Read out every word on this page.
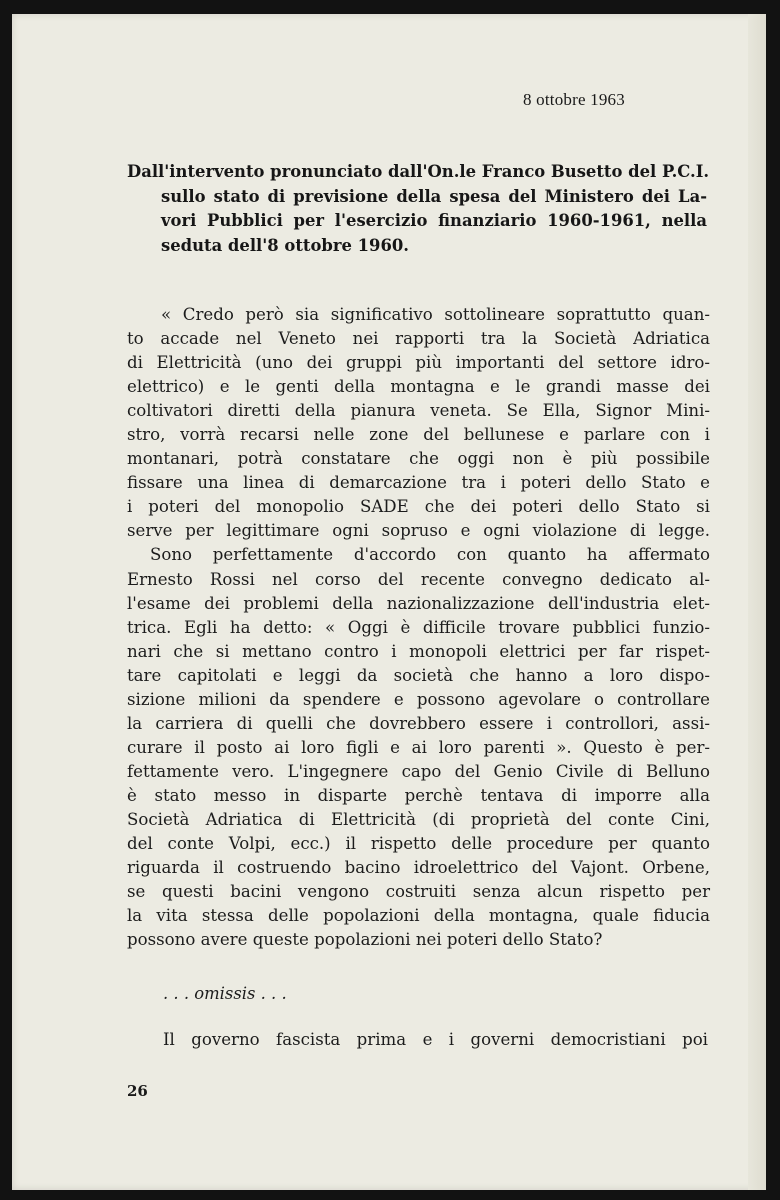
8 ottobre 1963
Dall'intervento pronunciato dall'On.le Franco Busetto del P.C.I.
sullo stato di previsione della spesa del Ministero dei La-
vori Pubblici per l'esercizio finanziario 1960-1961, nella
seduta dell'8 ottobre 1960.
« Credo però sia significativo sottolineare soprattutto quan-
to accade nel Veneto nei rapporti tra la Società Adriatica
di Elettricità (uno dei gruppi più importanti del settore idro-
elettrico) e le genti della montagna e le grandi masse dei
coltivatori diretti della pianura veneta. Se Ella, Signor Mini-
stro, vorrà recarsi nelle zone del bellunese e parlare con i
montanari, potrà constatare che oggi non è più possibile
fissare una linea di demarcazione tra i poteri dello Stato e
i poteri del monopolio SADE che dei poteri dello Stato si
serve per legittimare ogni sopruso e ogni violazione di legge.
Sono perfettamente d'accordo con quanto ha affermato
Ernesto Rossi nel corso del recente convegno dedicato al-
l'esame dei problemi della nazionalizzazione dell'industria elet-
trica. Egli ha detto: « Oggi è difficile trovare pubblici funzio-
nari che si mettano contro i monopoli elettrici per far rispet-
tare capitolati e leggi da società che hanno a loro dispo-
sizione milioni da spendere e possono agevolare o controllare
la carriera di quelli che dovrebbero essere i controllori, assi-
curare il posto ai loro figli e ai loro parenti ». Questo è per-
fettamente vero. L'ingegnere capo del Genio Civile di Belluno
è stato messo in disparte perchè tentava di imporre alla
Società Adriatica di Elettricità (di proprietà del conte Cini,
del conte Volpi, ecc.) il rispetto delle procedure per quanto
riguarda il costruendo bacino idroelettrico del Vajont. Orbene,
se questi bacini vengono costruiti senza alcun rispetto per
la vita stessa delle popolazioni della montagna, quale fiducia
possono avere queste popolazioni nei poteri dello Stato?
. . . omissis . . .
Il governo fascista prima e i governi democristiani poi
26
